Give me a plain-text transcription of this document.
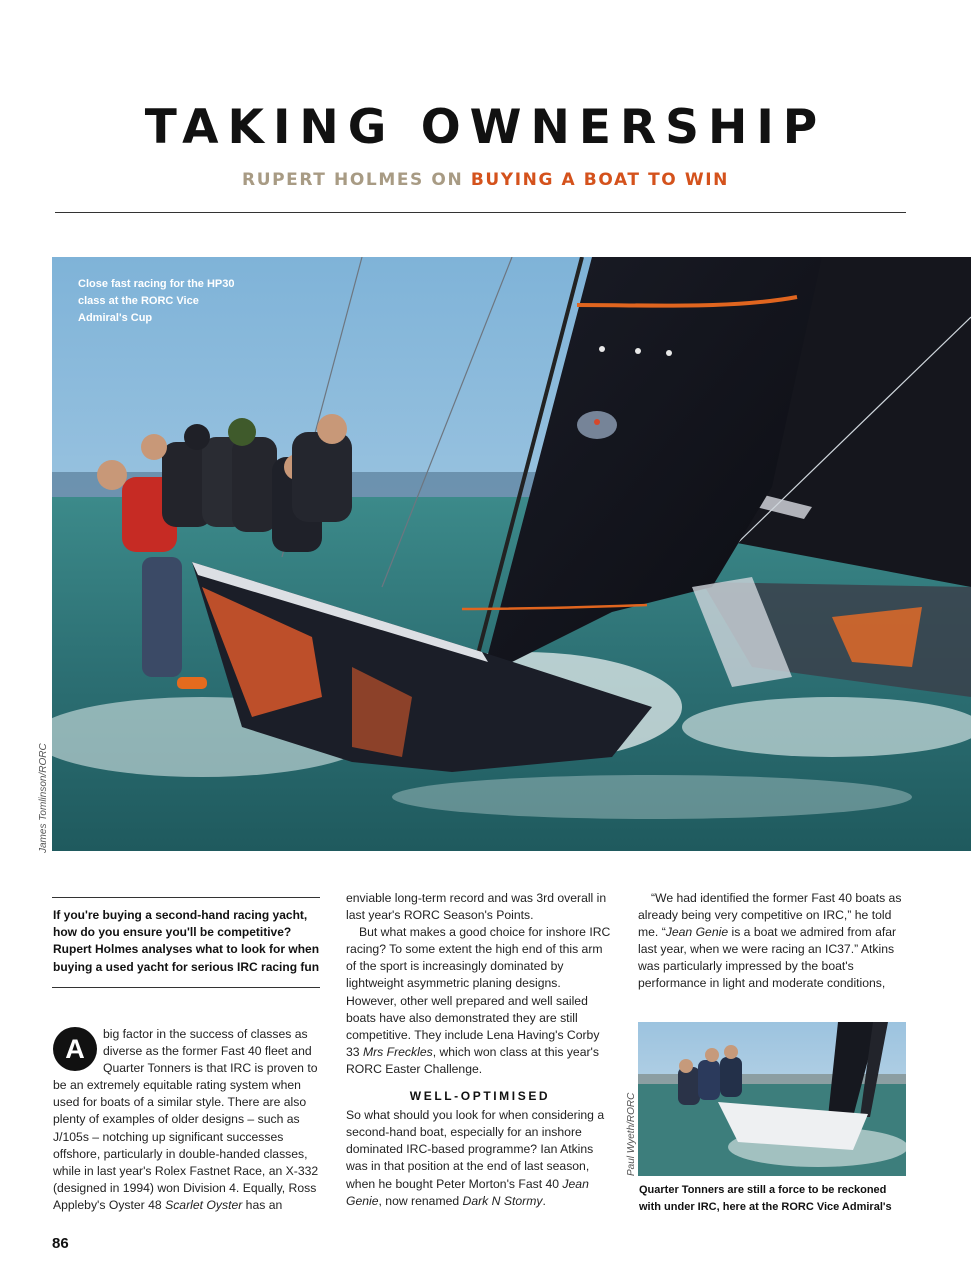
TAKING OWNERSHIP
RUPERT HOLMES ON BUYING A BOAT TO WIN
Close fast racing for the HP30 class at the RORC Vice Admiral's Cup
James Tomlinson/RORC

If you're buying a second-hand racing yacht, how do you ensure you'll be competitive? Rupert Holmes analyses what to look for when buying a used yacht for serious IRC racing fun

A	big factor in the success of classes as diverse as the former Fast 40 fleet and Quarter Tonners is that IRC is proven to be an extremely equitable rating system when used for boats of a similar style. There are also plenty of examples of older designs – such as J/105s – notching up significant successes offshore, particularly in double-handed classes, while in last year's Rolex Fastnet Race, an X-332 (designed in 1994) won Division 4. Equally, Ross Appleby's Oyster 48 Scarlet Oyster has an

enviable long-term record and was 3rd overall in last year's RORC Season's Points.

But what makes a good choice for inshore IRC racing? To some extent the high end of this arm of the sport is increasingly dominated by lightweight asymmetric planing designs. However, other well prepared and well sailed boats have also demonstrated they are still competitive. They include Lena Having's Corby 33 Mrs Freckles, which won class at this year's RORC Easter Challenge.

WELL-OPTIMISED

So what should you look for when considering a second-hand boat, especially for an inshore dominated IRC-based programme? Ian Atkins was in that position at the end of last season, when he bought Peter Morton's Fast 40 Jean Genie, now renamed Dark N Stormy.

“We had identified the former Fast 40 boats as already being very competitive on IRC,” he told me. “Jean Genie is a boat we admired from afar last year, when we were racing an IC37.” Atkins was particularly impressed by the boat's performance in light and moderate conditions,

Paul Wyeth/RORC
Quarter Tonners are still a force to be reckoned with under IRC, here at the RORC Vice Admiral's
86
